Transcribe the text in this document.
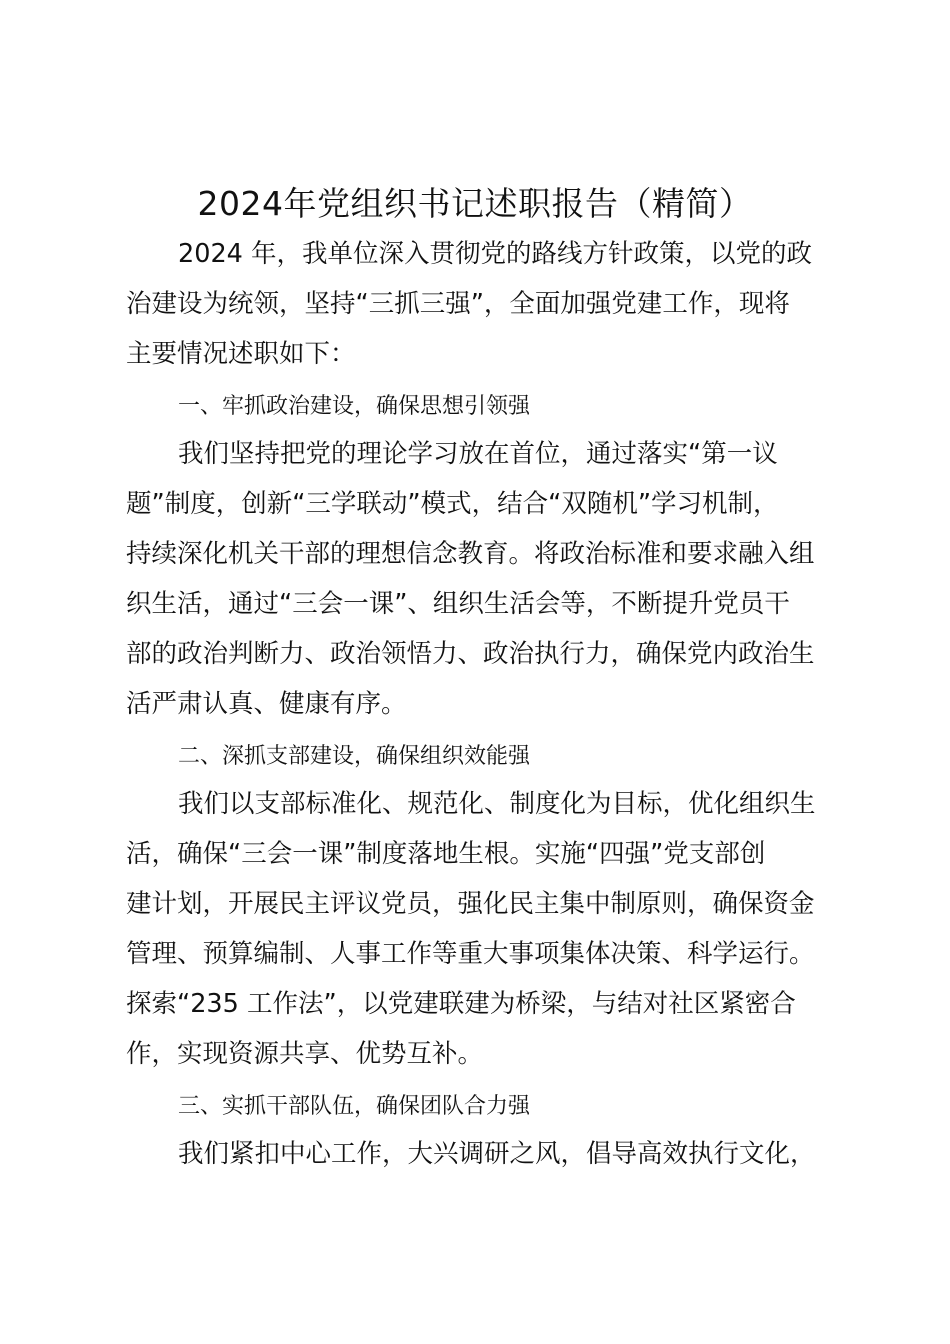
2024年党组织书记述职报告（精简）
2024 年，我单位深入贯彻党的路线方针政策，以党的政
治建设为统领，坚持“三抓三强”，全面加强党建工作，现将
主要情况述职如下：
一、牢抓政治建设，确保思想引领强
我们坚持把党的理论学习放在首位，通过落实“第一议
题”制度，创新“三学联动”模式，结合“双随机”学习机制，
持续深化机关干部的理想信念教育。将政治标准和要求融入组
织生活，通过“三会一课”、组织生活会等，不断提升党员干
部的政治判断力、政治领悟力、政治执行力，确保党内政治生
活严肃认真、健康有序。
二、深抓支部建设，确保组织效能强
我们以支部标准化、规范化、制度化为目标，优化组织生
活，确保“三会一课”制度落地生根。实施“四强”党支部创
建计划，开展民主评议党员，强化民主集中制原则，确保资金
管理、预算编制、人事工作等重大事项集体决策、科学运行。
探索“235 工作法”，以党建联建为桥梁，与结对社区紧密合
作，实现资源共享、优势互补。
三、实抓干部队伍，确保团队合力强
我们紧扣中心工作，大兴调研之风，倡导高效执行文化，
